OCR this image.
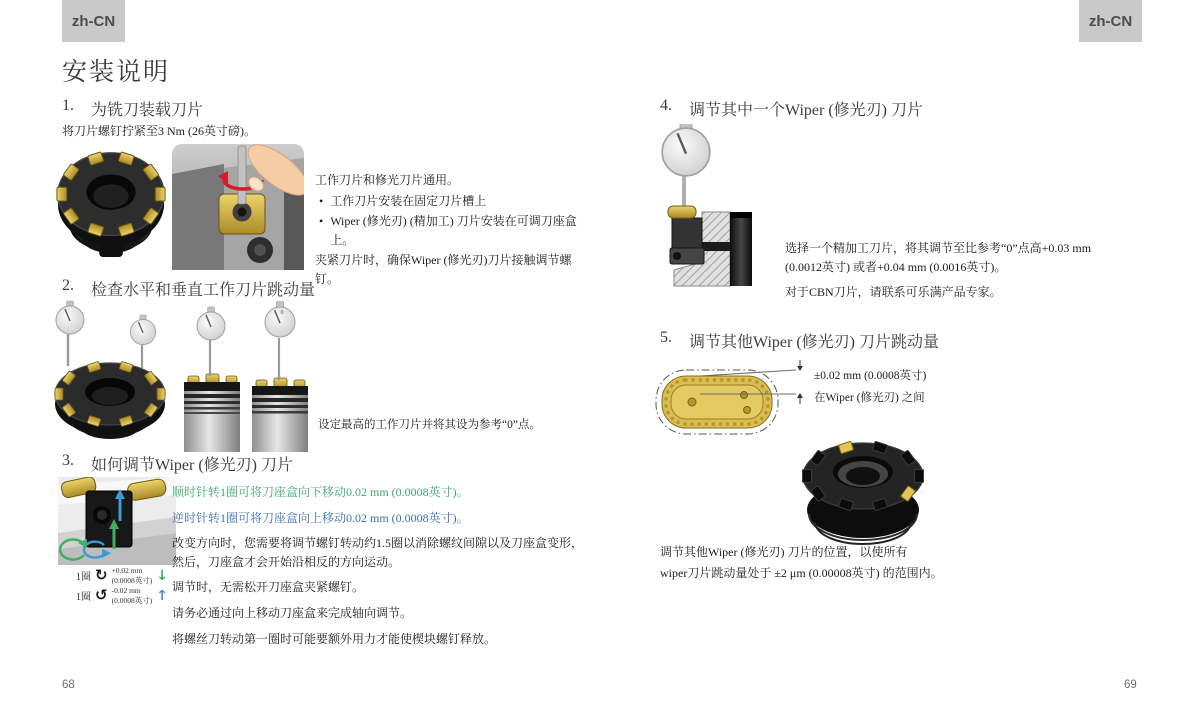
zh-CN	zh-CN
安装说明
1.	为铣刀装载刀片
将刀片螺钉拧紧至3 Nm (26英寸磅)。

工作刀片和修光刀片通用。

• 工作刀片安装在固定刀片槽上

• Wiper (修光刃) (精加工) 刀片安装在可调刀座盒上。

夹紧刀片时，确保Wiper (修光刃)刀片接触调节螺钉。

2.	检查水平和垂直工作刀片跳动量
0
设定最高的工作刀片并将其设为参考“0”点。
3.	如何调节Wiper (修光刃) 刀片
1圈 ↻ +0.02 mm
(0.0008英寸) ↓
1圈 ↺ -0.02 mm
(0.0008英寸) ↑

顺时针转1圈可将刀座盒向下移动0.02 mm (0.0008英寸)。

逆时针转1圈可将刀座盒向上移动0.02 mm (0.0008英寸)。

改变方向时，您需要将调节螺钉转动约1.5圈以消除螺纹间隙以及刀座盒变形，然后，刀座盒才会开始沿相反的方向运动。

调节时，无需松开刀座盒夹紧螺钉。

请务必通过向上移动刀座盒来完成轴向调节。

将螺丝刀转动第一圈时可能要额外用力才能使楔块螺钉释放。

4.	调节其中一个Wiper (修光刃) 刀片

选择一个精加工刀片，将其调节至比参考“0”点高+0.03 mm (0.0012英寸) 或者+0.04 mm (0.0016英寸)。

对于CBN刀片，请联系可乐满产品专家。

5.	调节其他Wiper (修光刃) 刀片跳动量
±0.02 mm (0.0008英寸)
在Wiper (修光刃) 之间

调节其他Wiper (修光刃) 刀片的位置，以使所有

wiper刀片跳动量处于 ±2 μm (0.00008英寸) 的范围内。

68	69
